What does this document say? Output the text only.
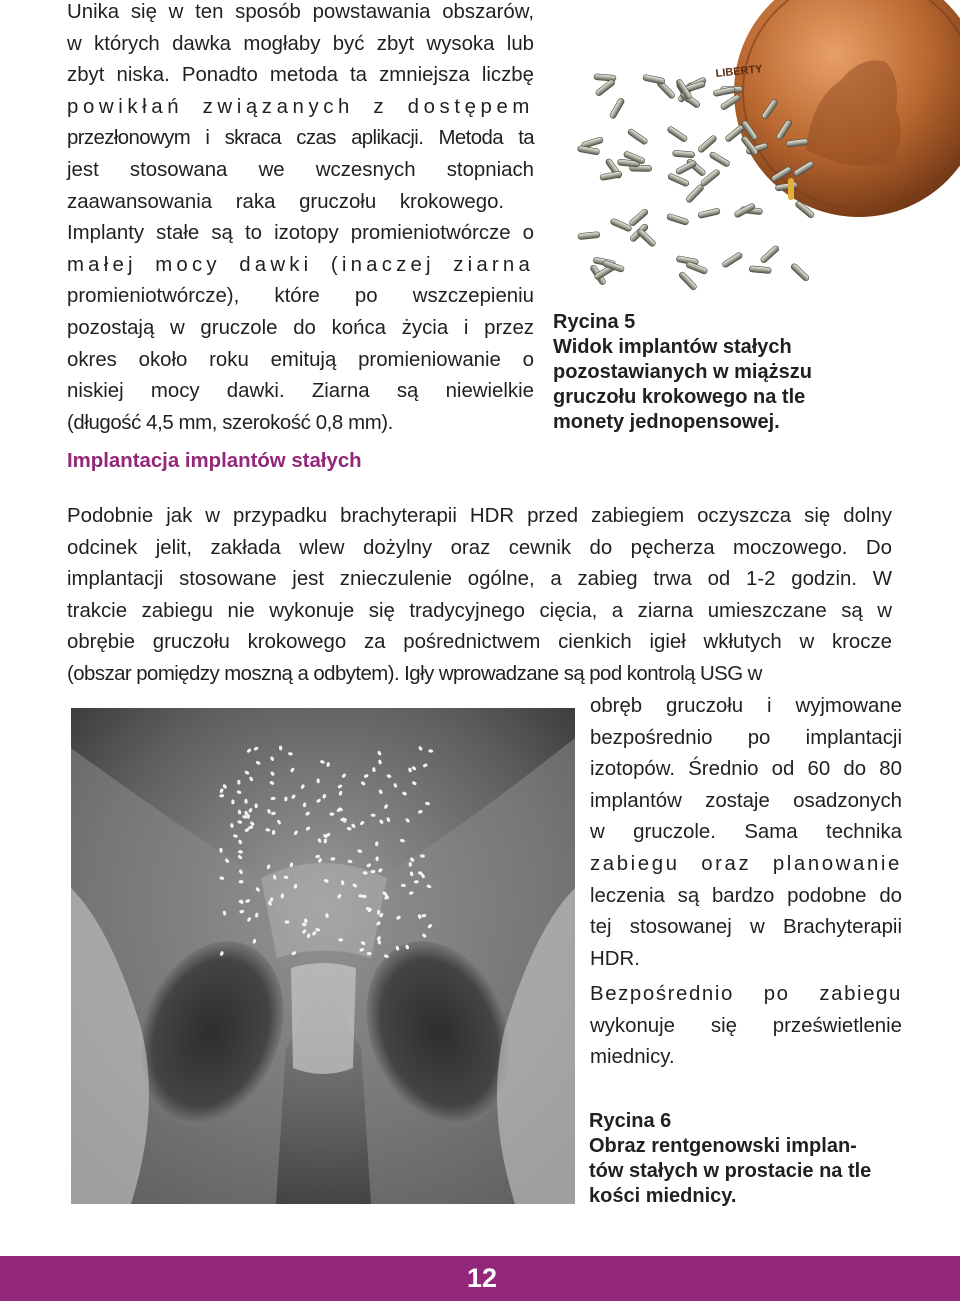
Unika się w ten sposób powstawania obszarów,
w których dawka mogłaby być zbyt wysoka lub
zbyt niska. Ponadto metoda ta zmniejsza liczbę
powikłań związanych z dostępem
przezłonowym i skraca czas aplikacji. Metoda ta
jest stosowana we wczesnych stopniach
zaawansowania raka gruczołu krokowego.
Implanty stałe są to izotopy promieniotwórcze o
małej mocy dawki (inaczej ziarna
promieniotwórcze), które po wszczepieniu
pozostają w gruczole do końca życia i przez
okres około roku emitują promieniowanie o
niskiej mocy dawki. Ziarna są niewielkie
(długość 4,5 mm, szerokość 0,8 mm).
LIBERTY
Rycina 5
Widok implantów stałych
pozostawianych w miąższu
gruczołu krokowego na tle
monety jednopensowej.
Implantacja implantów stałych
Podobnie jak w przypadku brachyterapii HDR przed zabiegiem oczyszcza się dolny
odcinek jelit, zakłada wlew dożylny oraz cewnik do pęcherza moczowego. Do
implantacji stosowane jest znieczulenie ogólne, a zabieg trwa od 1-2 godzin. W
trakcie zabiegu nie wykonuje się tradycyjnego cięcia, a ziarna umieszczane są w
obrębie gruczołu krokowego za pośrednictwem cienkich igieł wkłutych w krocze
(obszar pomiędzy moszną a odbytem). Igły wprowadzane są pod kontrolą USG w
obręb gruczołu i wyjmowane
bezpośrednio po implantacji
izotopów. Średnio od 60 do 80
implantów zostaje osadzonych
w gruczole. Sama technika
zabiegu oraz planowanie
leczenia są bardzo podobne do
tej stosowanej w Brachyterapii
HDR.
Bezpośrednio po zabiegu
wykonuje się prześwietlenie
miednicy.
Rycina 6
Obraz rentgenowski implan-
tów stałych w prostacie na tle
kości miednicy.
12
